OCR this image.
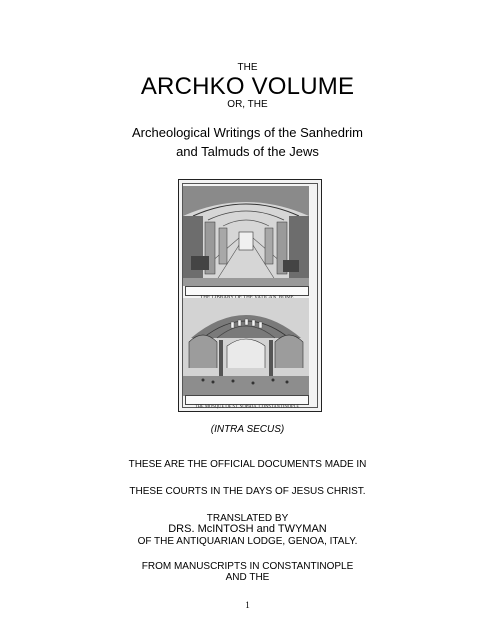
THE
ARCHKO VOLUME
OR, THE
Archeological Writings of the Sanhedrim
and Talmuds of the Jews
THE MOSQUE OF ST. SOPHIA, CONSTANTINOPLE
(INTRA SECUS)
THESE ARE THE OFFICIAL DOCUMENTS MADE IN
THESE COURTS IN THE DAYS OF JESUS CHRIST.
TRANSLATED BY
DRS. McINTOSH and TWYMAN
OF THE ANTIQUARIAN LODGE, GENOA, ITALY.
FROM MANUSCRIPTS IN CONSTANTINOPLE
AND THE
1
